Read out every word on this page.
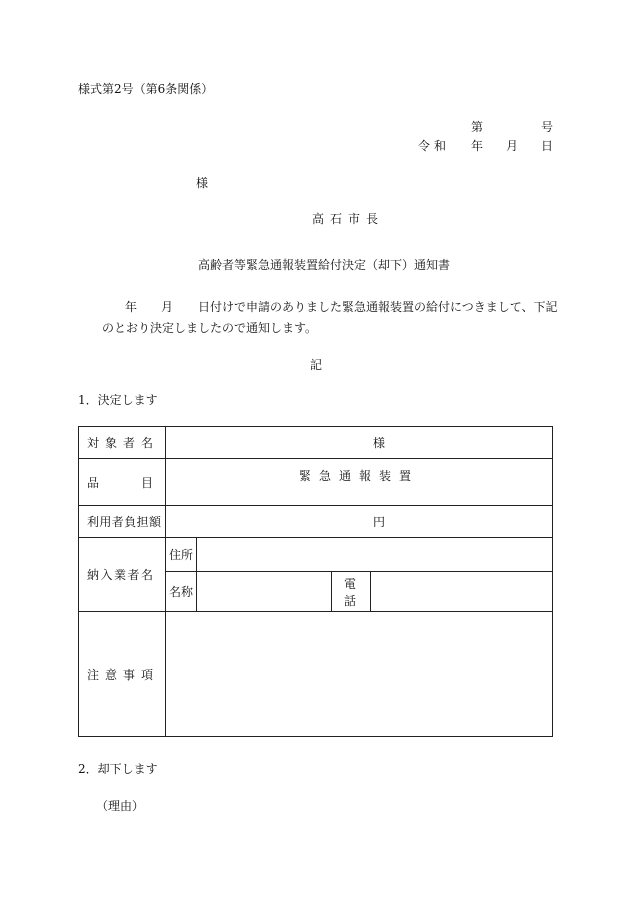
様式第2号（第6条関係）
第	号
令和 年 月 日
様
高石市長
高齢者等緊急通報装置給付決定（却下）通知書
年 月 日付けで申請のありました緊急通報装置の給付につきまして、下記
のとおり決定しましたので通知します。
記
1．決定します
対象者名	様			
品目	緊急通報装置			
利用者負担額	円			
納入業者名	住所			
	名称		電話	
注意事項				
2．却下します
（理由）
